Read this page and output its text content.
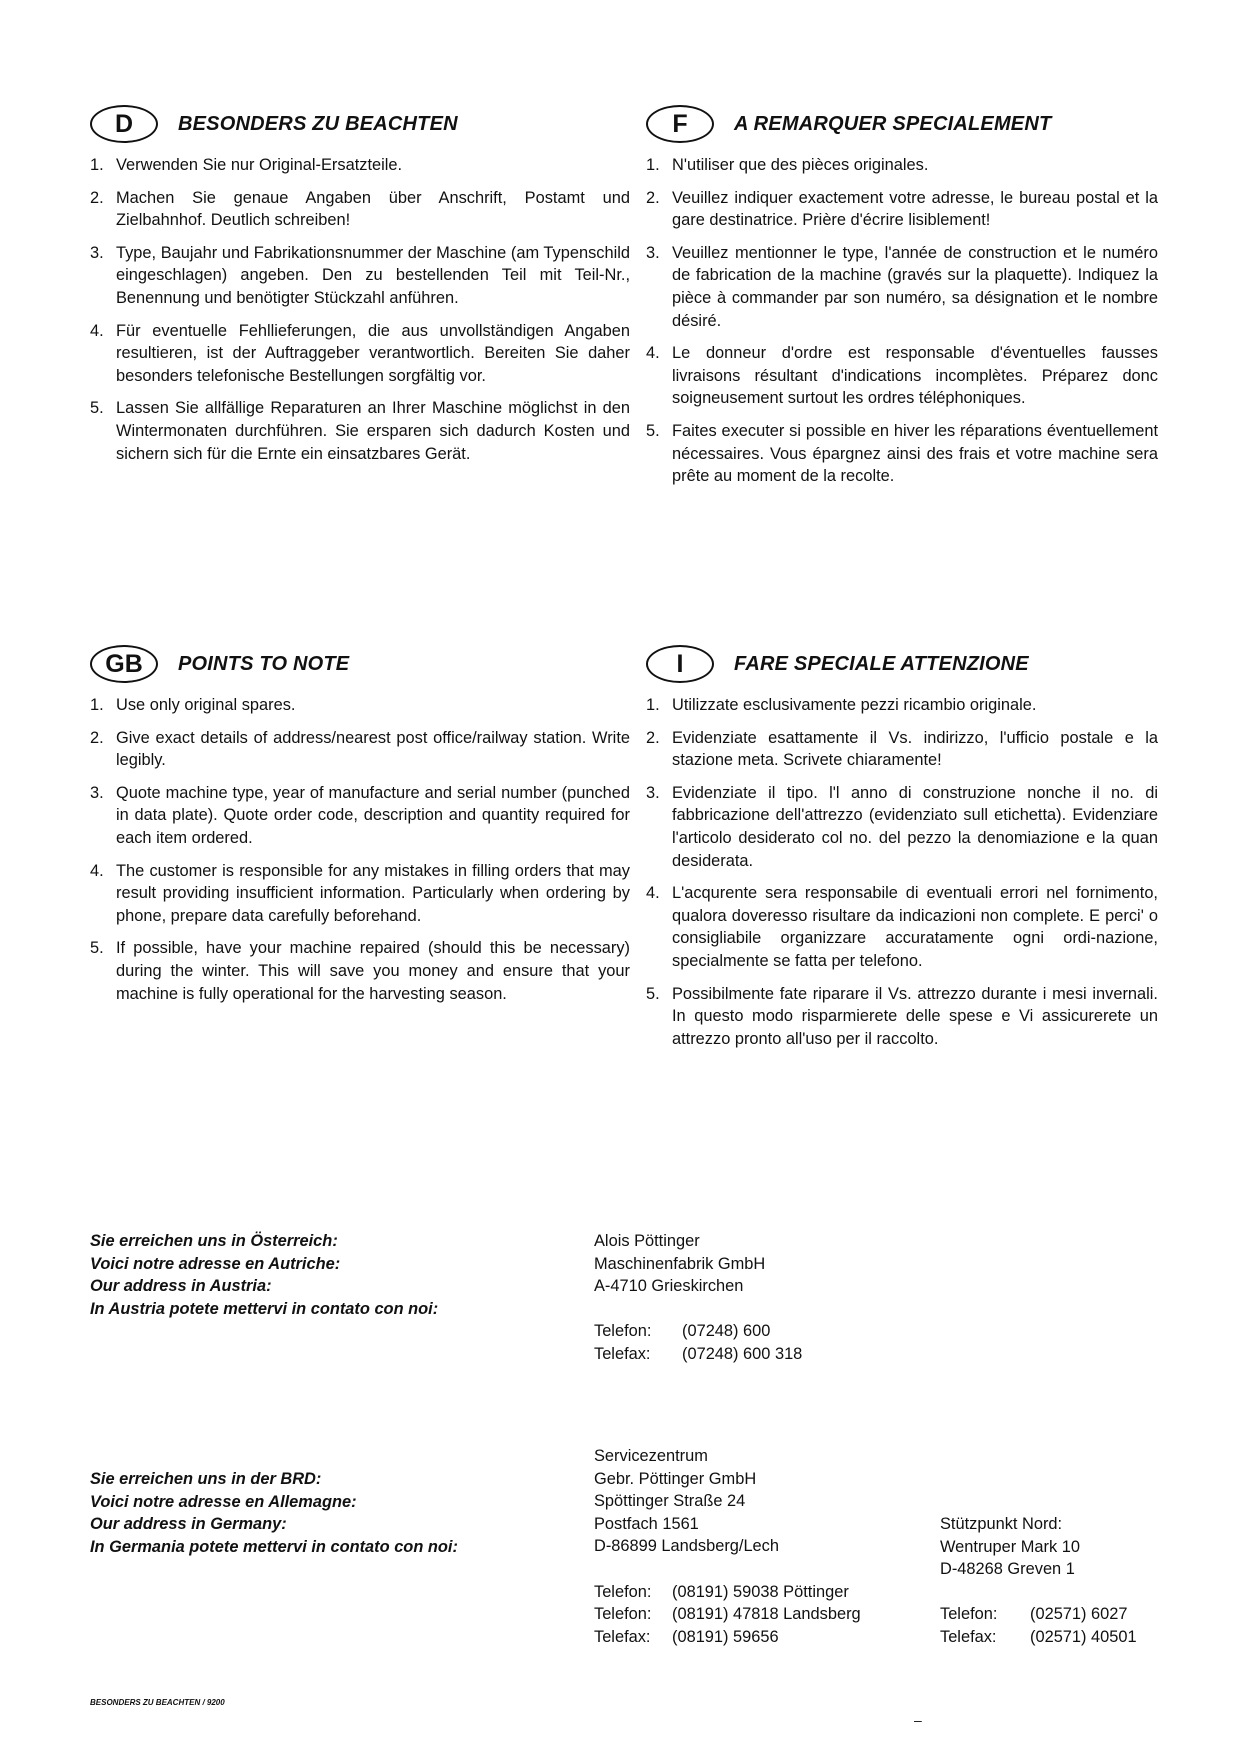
D	BESONDERS ZU BEACHTEN
1. Verwenden Sie nur Original-Ersatzteile.
2. Machen Sie genaue Angaben über Anschrift, Postamt und Zielbahnhof. Deutlich schreiben!
3. Type, Baujahr und Fabrikationsnummer der Maschine (am Typenschild eingeschlagen) angeben. Den zu bestellenden Teil mit Teil-Nr., Benennung und benötigter Stückzahl anführen.
4. Für eventuelle Fehllieferungen, die aus unvollständigen Angaben resultieren, ist der Auftraggeber verantwortlich. Bereiten Sie daher besonders telefonische Bestellungen sorgfältig vor.
5. Lassen Sie allfällige Reparaturen an Ihrer Maschine möglichst in den Wintermonaten durchführen. Sie ersparen sich dadurch Kosten und sichern sich für die Ernte ein einsatzbares Gerät.
F	A REMARQUER SPECIALEMENT
1. N'utiliser que des pièces originales.
2. Veuillez indiquer exactement votre adresse, le bureau postal et la gare destinatrice. Prière d'écrire lisiblement!
3. Veuillez mentionner le type, l'année de construction et le numéro de fabrication de la machine (gravés sur la plaquette). Indiquez la pièce à commander par son numéro, sa désignation et le nombre désiré.
4. Le donneur d'ordre est responsable d'éventuelles fausses livraisons résultant d'indications incomplètes. Préparez donc soigneusement surtout les ordres téléphoniques.
5. Faites executer si possible en hiver les réparations éventuellement nécessaires. Vous épargnez ainsi des frais et votre machine sera prête au moment de la recolte.
GB	POINTS TO NOTE
1. Use only original spares.
2. Give exact details of address/nearest post office/railway station. Write legibly.
3. Quote machine type, year of manufacture and serial number (punched in data plate). Quote order code, description and quantity required for each item ordered.
4. The customer is responsible for any mistakes in filling orders that may result providing insufficient information. Particularly when ordering by phone, prepare data carefully beforehand.
5. If possible, have your machine repaired (should this be necessary) during the winter. This will save you money and ensure that your machine is fully operational for the harvesting season.
I	FARE SPECIALE ATTENZIONE
1. Utilizzate esclusivamente pezzi ricambio originale.
2. Evidenziate esattamente il Vs. indirizzo, l'ufficio postale e la stazione meta. Scrivete chiaramente!
3. Evidenziate il tipo. l'l anno di construzione nonche il no. di fabbricazione dell'attrezzo (evidenziato sull etichetta). Evidenziare l'articolo desiderato col no. del pezzo la denomiazione e la quan desiderata.
4. L'acqurente sera responsabile di eventuali errori nel fornimento, qualora doveresso risultare da indicazioni non complete. E perci' o consigliabile organizzare accuratamente ogni ordi-nazione, specialmente se fatta per telefono.
5. Possibilmente fate riparare il Vs. attrezzo durante i mesi invernali. In questo modo risparmierete delle spese e Vi assicurerete un attrezzo pronto all'uso per il raccolto.
Sie erreichen uns in Österreich:
Voici notre adresse en Autriche:
Our address in Austria:
In Austria potete mettervi in contato con noi:
Alois Pöttinger
Maschinenfabrik GmbH
A-4710 Grieskirchen
Telefon:	(07248) 600
Telefax:	(07248) 600 318
Sie erreichen uns in der BRD:
Voici notre adresse en Allemagne:
Our address in Germany:
In Germania potete mettervi in contato con noi:
Servicezentrum
Gebr. Pöttinger GmbH
Spöttinger Straße 24
Postfach 1561
D-86899 Landsberg/Lech
Telefon:	(08191) 59038 Pöttinger
Telefon:	(08191) 47818 Landsberg
Telefax:	(08191) 59656
Stützpunkt Nord:
Wentruper Mark 10
D-48268 Greven 1
Telefon:	(02571) 6027
Telefax:	(02571) 40501
BESONDERS ZU BEACHTEN / 9200
–
